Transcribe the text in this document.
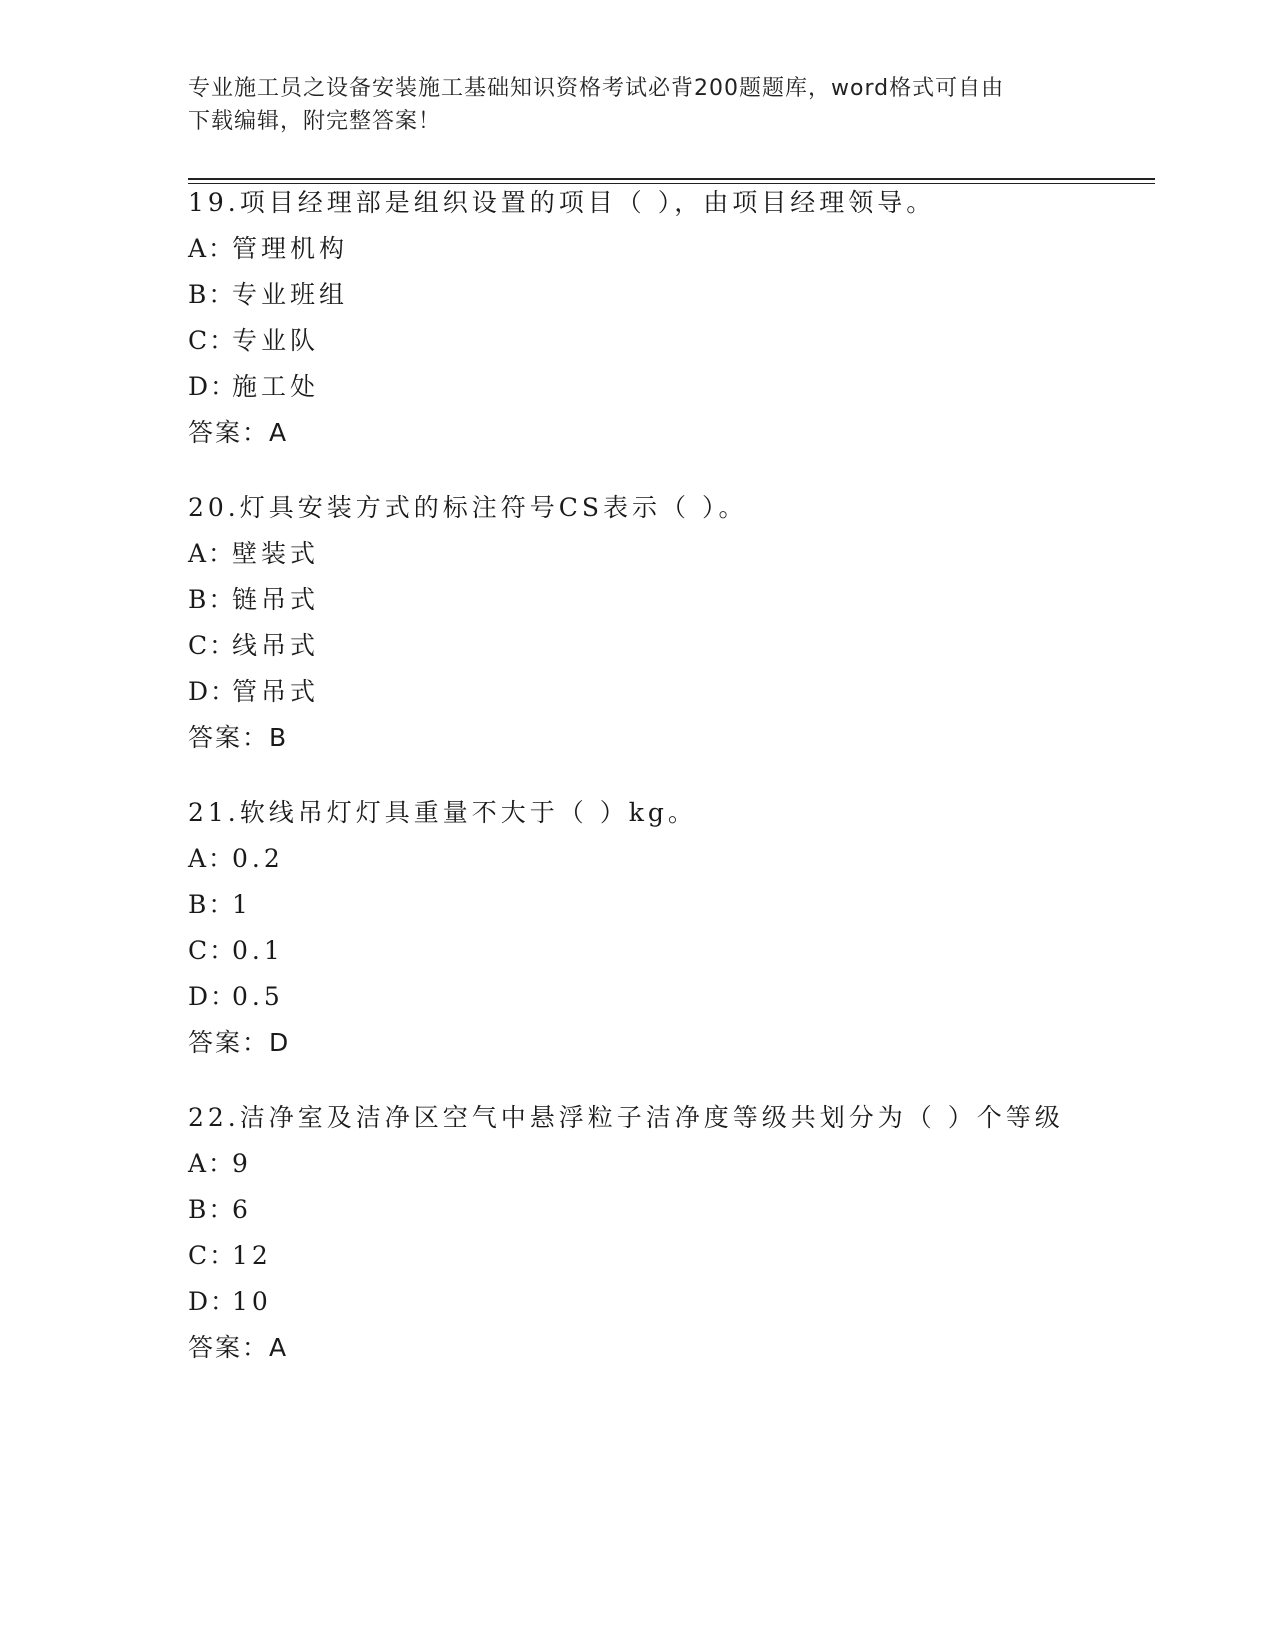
专业施工员之设备安装施工基础知识资格考试必背200题题库，word格式可自由
下载编辑，附完整答案！
19.项目经理部是组织设置的项目（ ），由项目经理领导。
A：管理机构
B：专业班组
C：专业队
D：施工处
答案：A
20.灯具安装方式的标注符号CS表示（ ）。
A：壁装式
B：链吊式
C：线吊式
D：管吊式
答案：B
21.软线吊灯灯具重量不大于（ ）kg。
A：0.2
B：1
C：0.1
D：0.5
答案：D
22.洁净室及洁净区空气中悬浮粒子洁净度等级共划分为（ ）个等级
A：9
B：6
C：12
D：10
答案：A
